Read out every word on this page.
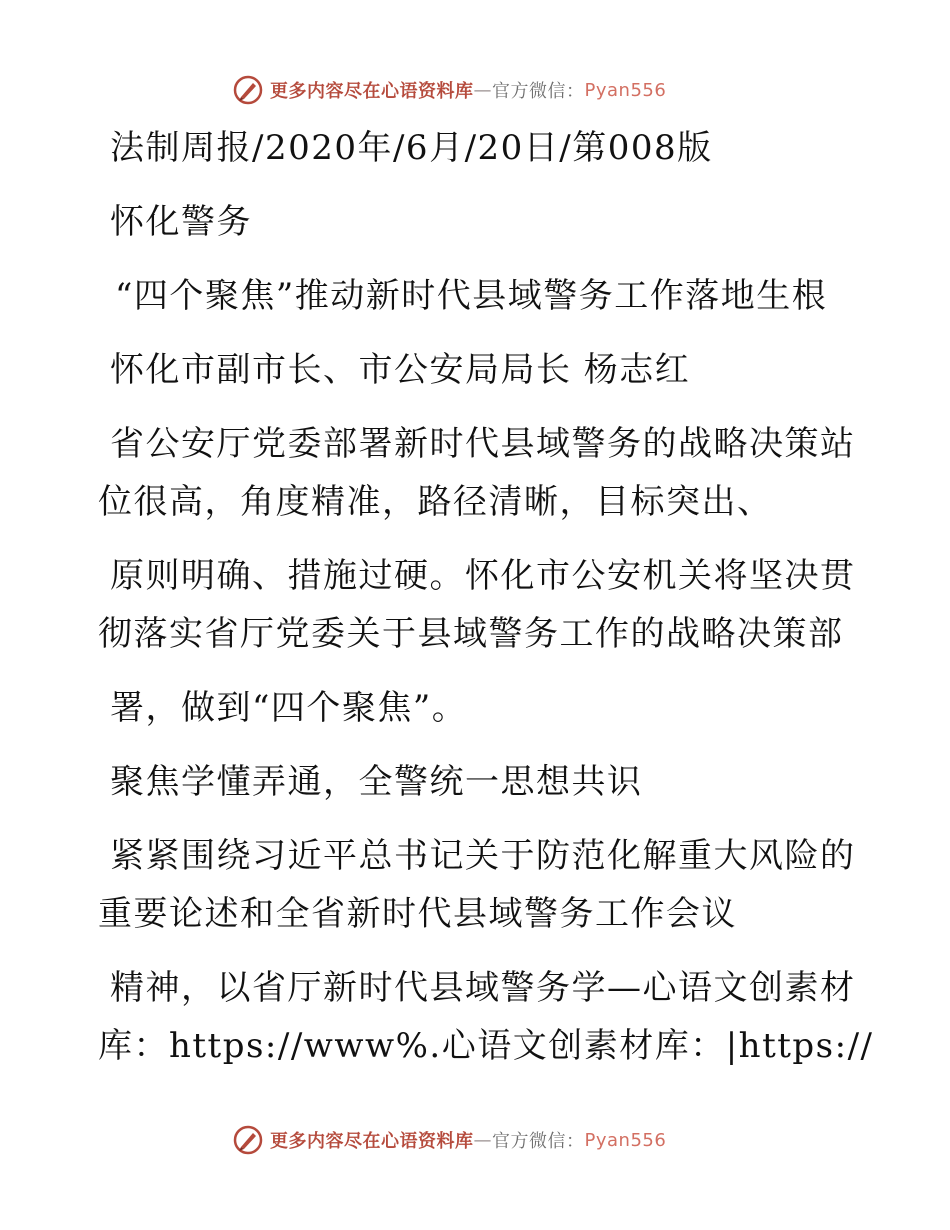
更多内容尽在心语资料库 — 官方微信： Pyan556
法制周报/2020年/6月/20日/第008版
怀化警务
“四个聚焦”推动新时代县域警务工作落地生根
怀化市副市长、市公安局局长 杨志红
省公安厅党委部署新时代县域警务的战略决策站
位很高，角度精准，路径清晰，目标突出、
原则明确、措施过硬。怀化市公安机关将坚决贯
彻落实省厅党委关于县域警务工作的战略决策部
署，做到“四个聚焦”。
聚焦学懂弄通，全警统一思想共识
紧紧围绕习近平总书记关于防范化解重大风险的
重要论述和全省新时代县域警务工作会议
精神，以省厅新时代县域警务学—心语文创素材
库：https://www%.心语文创素材库：|https://
更多内容尽在心语资料库 — 官方微信： Pyan556
